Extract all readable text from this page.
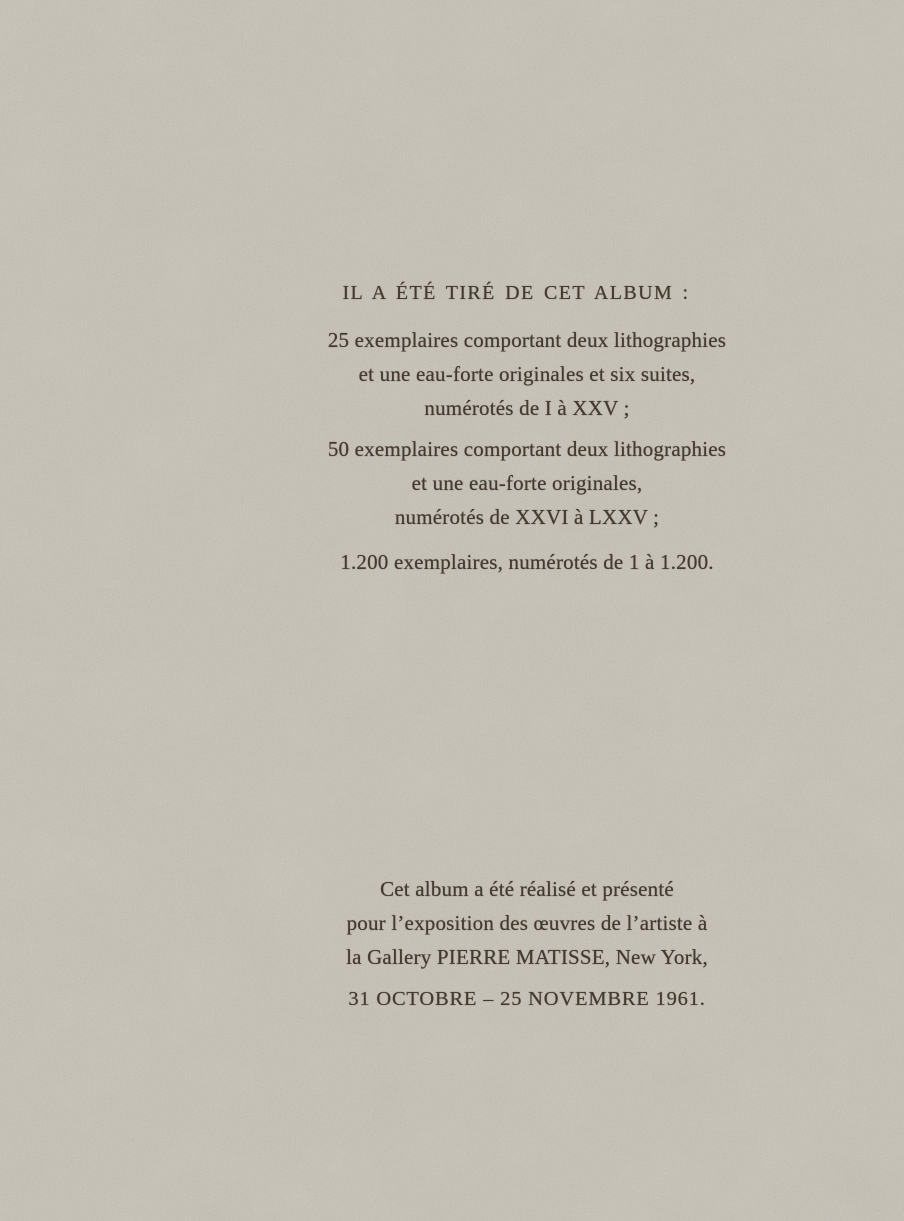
IL A ÉTÉ TIRÉ DE CET ALBUM :
25 exemplaires comportant deux lithographies
et une eau-forte originales et six suites,
numérotés de I à XXV ;
50 exemplaires comportant deux lithographies
et une eau-forte originales,
numérotés de XXVI à LXXV ;
1.200 exemplaires, numérotés de 1 à 1.200.
Cet album a été réalisé et présenté
pour l’exposition des œuvres de l’artiste à
la Gallery PIERRE MATISSE, New York,
31 OCTOBRE – 25 NOVEMBRE 1961.
